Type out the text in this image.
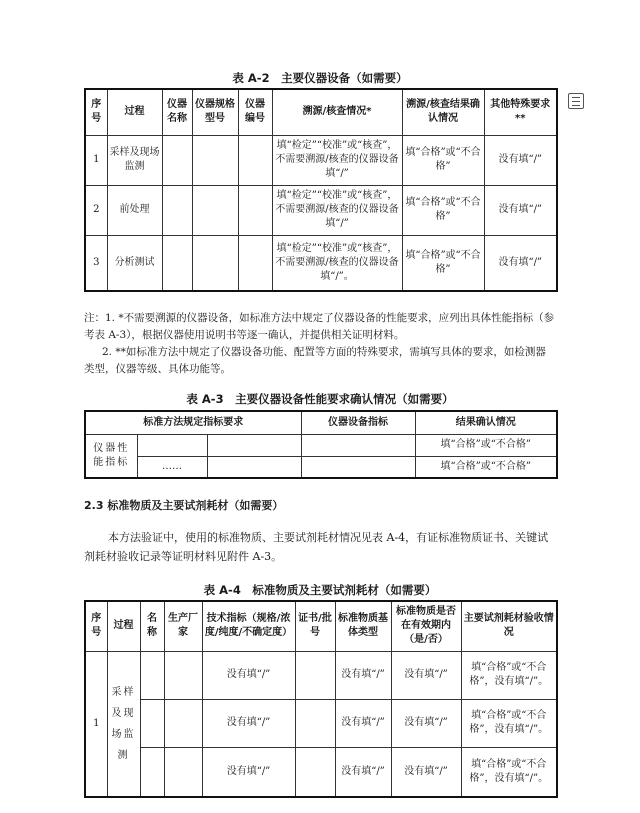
表 A-2　主要仪器设备（如需要）
序号	过程	仪器名称	仪器规格型号	仪器编号	溯源/核查情况*	溯源/核查结果确认情况	其他特殊要求**
1	采样及现场监测				填“检定”“校准”或“核查”，不需要溯源/核查的仪器设备填“/”	填“合格”或“不合格”	没有填“/”
2	前处理				填“检定”“校准”或“核查”，不需要溯源/核查的仪器设备填“/”	填“合格”或“不合格”	没有填“/”
3	分析测试				填“检定”“校准”或“核查”，不需要溯源/核查的仪器设备填“/”。	填“合格”或“不合格”	没有填“/”
注：1. *不需要溯源的仪器设备，如标准方法中规定了仪器设备的性能要求，应列出具体性能指标（参考表 A-3），根据仪器使用说明书等逐一确认，并提供相关证明材料。
2. **如标准方法中规定了仪器设备功能、配置等方面的特殊要求，需填写具体的要求，如检测器类型，仪器等级、具体功能等。
表 A-3　主要仪器设备性能要求确认情况（如需要）
标准方法规定指标要求			仪器设备指标	结果确认情况
仪器性能指标				填“合格”或“不合格”
	……			填“合格”或“不合格”
2.3 标准物质及主要试剂耗材（如需要）
本方法验证中，使用的标准物质、主要试剂耗材情况见表 A-4，有证标准物质证书、关键试剂耗材验收记录等证明材料见附件 A-3。
表 A-4　标准物质及主要试剂耗材（如需要）
序号	过程	名称	生产厂家	技术指标（规格/浓度/纯度/不确定度）	证书/批号	标准物质基体类型	标准物质是否在有效期内（是/否）	主要试剂耗材验收情况
1	采样及现场监测			没有填“/”		没有填“/”	没有填“/”	填“合格”或“不合格”，没有填“/”。
				没有填“/”		没有填“/”	没有填“/”	填“合格”或“不合格”，没有填“/”。
				没有填“/”		没有填“/”	没有填“/”	填“合格”或“不合格”，没有填“/”。
